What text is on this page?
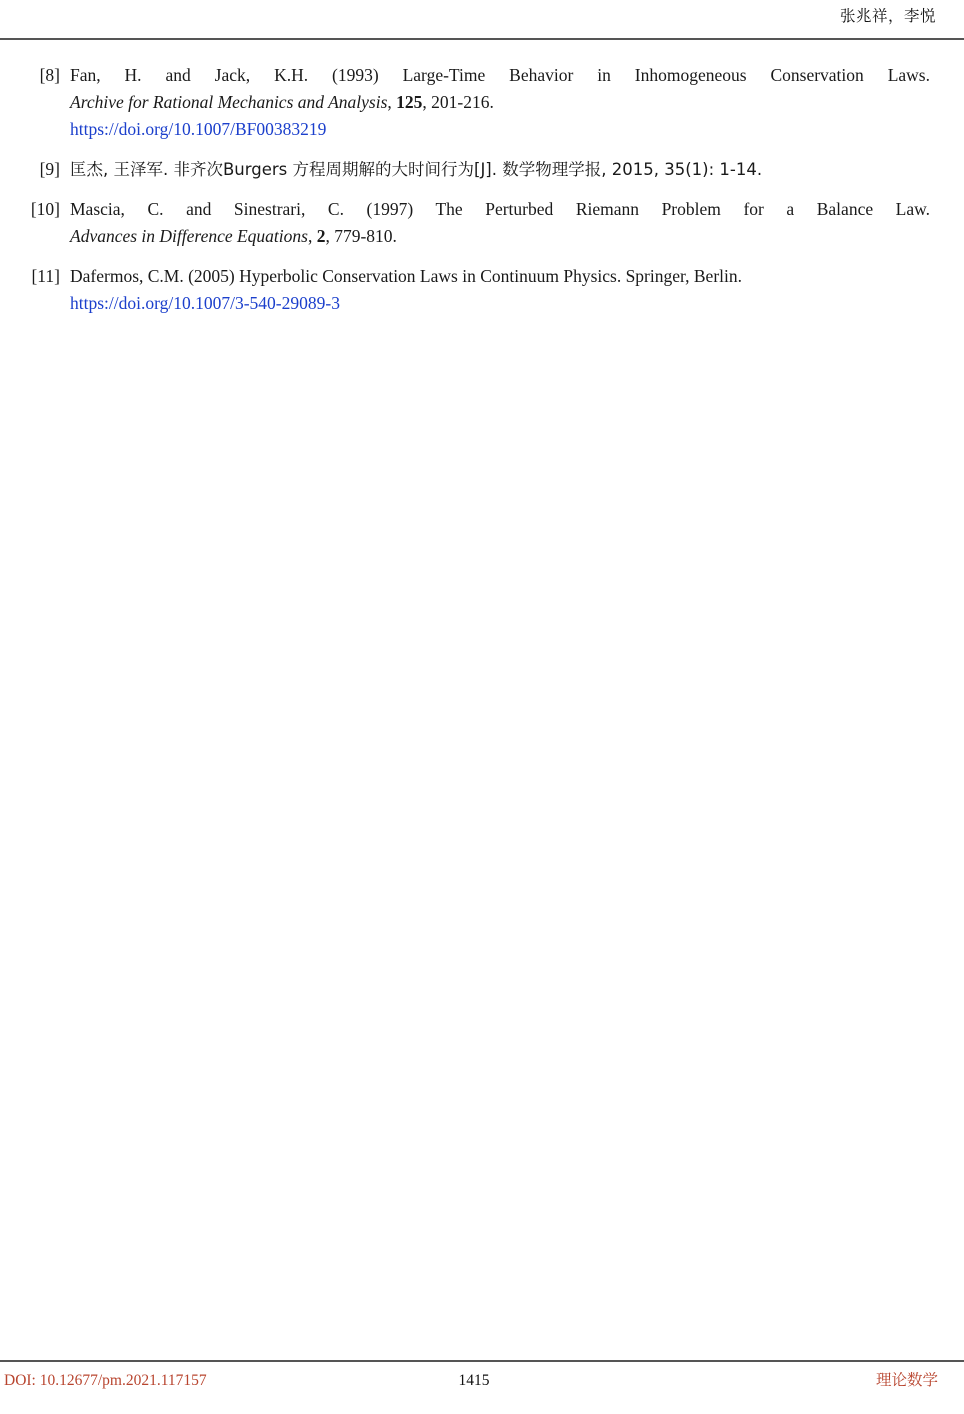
张兆祥，李悦
[8] Fan, H. and Jack, K.H. (1993) Large-Time Behavior in Inhomogeneous Conservation Laws.
Archive for Rational Mechanics and Analysis, 125, 201-216.
https://doi.org/10.1007/BF00383219
[9] 匡杰, 王泽军. 非齐次Burgers 方程周期解的大时间行为[J]. 数学物理学报, 2015, 35(1): 1-14.
[10] Mascia, C. and Sinestrari, C. (1997) The Perturbed Riemann Problem for a Balance Law.
Advances in Difference Equations, 2, 779-810.
[11] Dafermos, C.M. (2005) Hyperbolic Conservation Laws in Continuum Physics. Springer, Berlin.
https://doi.org/10.1007/3-540-29089-3
DOI: 10.12677/pm.2021.117157	1415	理论数学
